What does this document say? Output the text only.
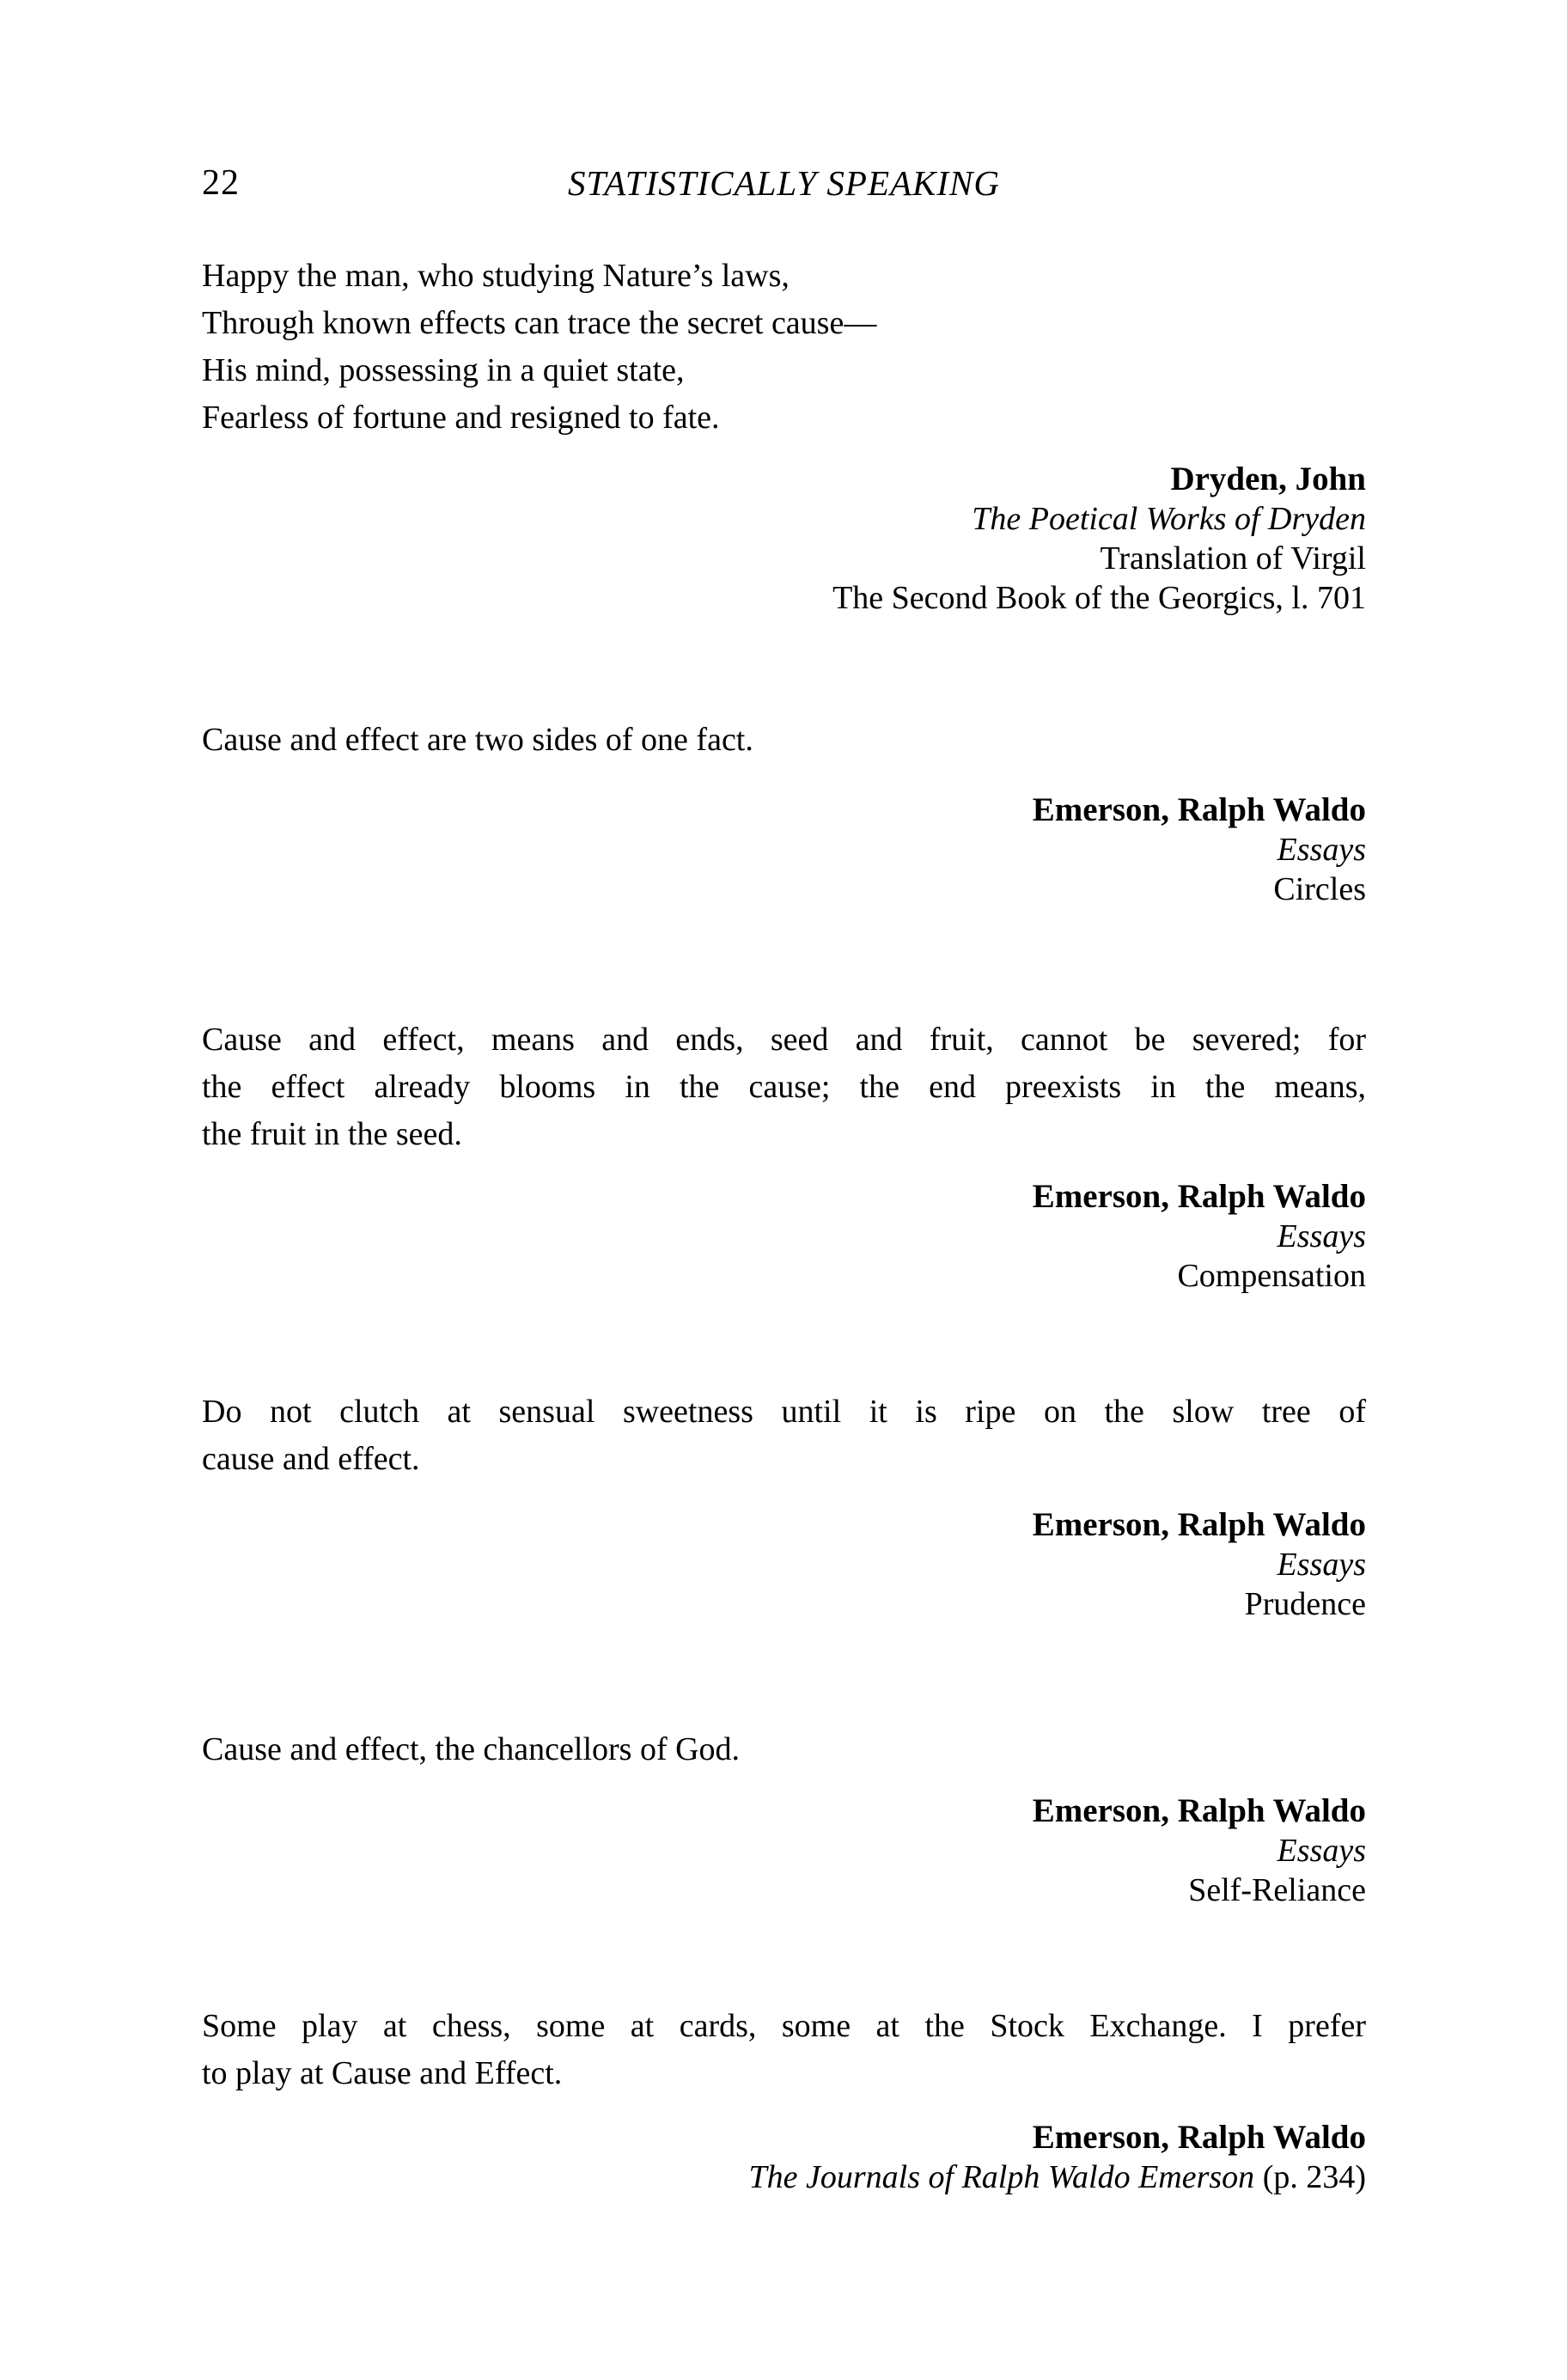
22	STATISTICALLY SPEAKING
Happy the man, who studying Nature’s laws,
Through known effects can trace the secret cause—
His mind, possessing in a quiet state,
Fearless of fortune and resigned to fate.
Dryden, John
The Poetical Works of Dryden
Translation of Virgil
The Second Book of the Georgics, l. 701
Cause and effect are two sides of one fact.
Emerson, Ralph Waldo
Essays
Circles
Cause and effect, means and ends, seed and fruit, cannot be severed; for
the effect already blooms in the cause; the end preexists in the means,
the fruit in the seed.
Emerson, Ralph Waldo
Essays
Compensation
Do not clutch at sensual sweetness until it is ripe on the slow tree of
cause and effect.
Emerson, Ralph Waldo
Essays
Prudence
Cause and effect, the chancellors of God.
Emerson, Ralph Waldo
Essays
Self-Reliance
Some play at chess, some at cards, some at the Stock Exchange. I prefer
to play at Cause and Effect.
Emerson, Ralph Waldo
The Journals of Ralph Waldo Emerson (p. 234)
